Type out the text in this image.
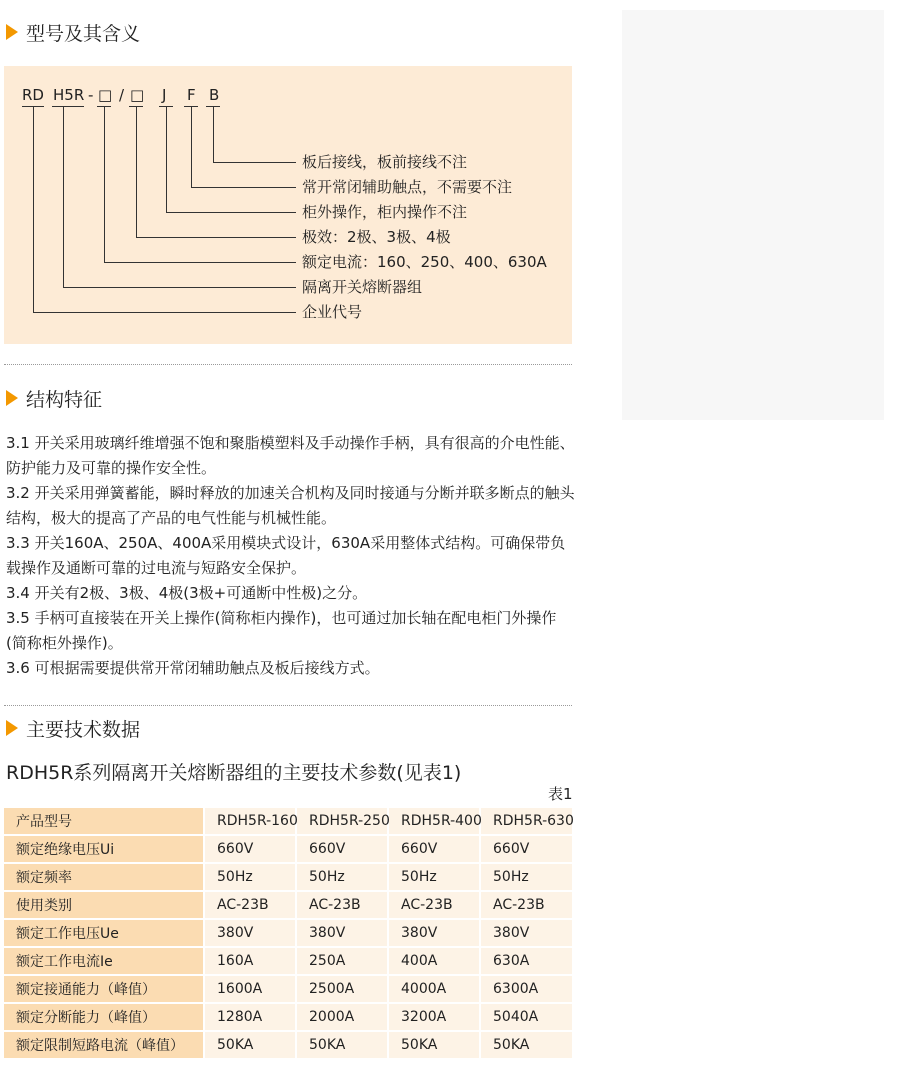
型号及其含义
RD H5R - □ / □ J F B
板后接线，板前接线不注
常开常闭辅助触点，不需要不注
柜外操作，柜内操作不注
极效：2极、3极、4极
额定电流：160、250、400、630A
隔离开关熔断器组
企业代号
结构特征

3.1 开关采用玻璃纤维增强不饱和聚脂模塑料及手动操作手柄，具有很高的介电性能、防护能力及可靠的操作安全性。

3.2 开关采用弹簧蓄能，瞬时释放的加速关合机构及同时接通与分断并联多断点的触头结构，极大的提高了产品的电气性能与机械性能。

3.3 开关160A、250A、400A采用模块式设计，630A采用整体式结构。可确保带负载操作及通断可靠的过电流与短路安全保护。

3.4 开关有2极、3极、4极(3极+可通断中性极)之分。

3.5 手柄可直接装在开关上操作(简称柜内操作)，也可通过加长轴在配电柜门外操作(简称柜外操作)。

3.6 可根据需要提供常开常闭辅助触点及板后接线方式。

主要技术数据
RDH5R系列隔离开关熔断器组的主要技术参数(见表1)
表1
产品型号	RDH5R-160	RDH5R-250	RDH5R-400	RDH5R-630
额定绝缘电压Ui	660V	660V	660V	660V
额定频率	50Hz	50Hz	50Hz	50Hz
使用类别	AC-23B	AC-23B	AC-23B	AC-23B
额定工作电压Ue	380V	380V	380V	380V
额定工作电流Ie	160A	250A	400A	630A
额定接通能力（峰值）	1600A	2500A	4000A	6300A
额定分断能力（峰值）	1280A	2000A	3200A	5040A
额定限制短路电流（峰值）	50KA	50KA	50KA	50KA
